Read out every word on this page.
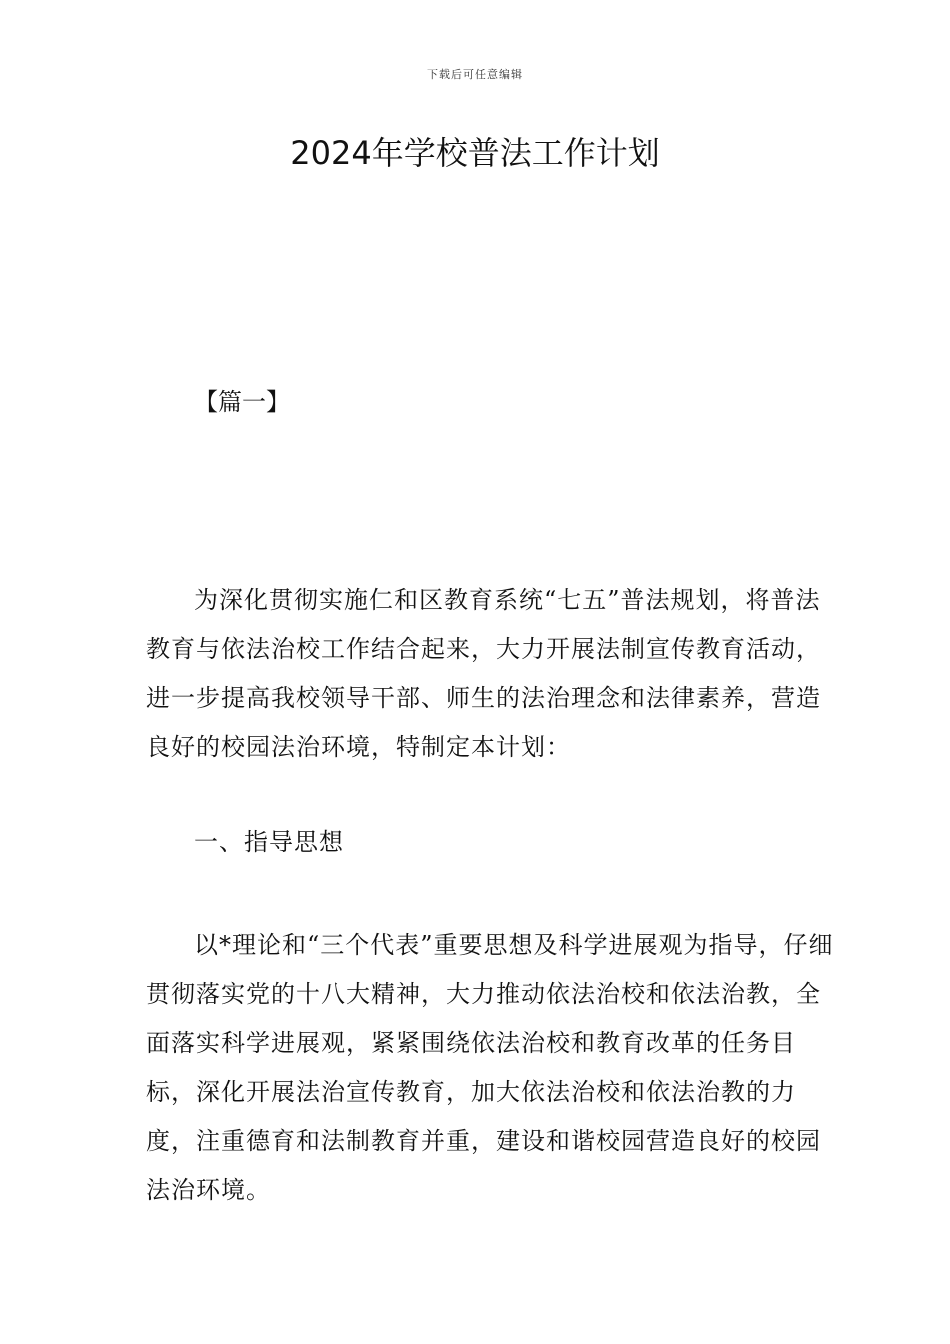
下载后可任意编辑
2024年学校普法工作计划
【篇一】

为深化贯彻实施仁和区教育系统“七五”普法规划，将普法教育与依法治校工作结合起来，大力开展法制宣传教育活动，进一步提高我校领导干部、师生的法治理念和法律素养，营造良好的校园法治环境，特制定本计划：

一、指导思想

以*理论和“三个代表”重要思想及科学进展观为指导，仔细贯彻落实党的十八大精神，大力推动依法治校和依法治教，全面落实科学进展观，紧紧围绕依法治校和教育改革的任务目标，深化开展法治宣传教育，加大依法治校和依法治教的力度，注重德育和法制教育并重，建设和谐校园营造良好的校园法治环境。
